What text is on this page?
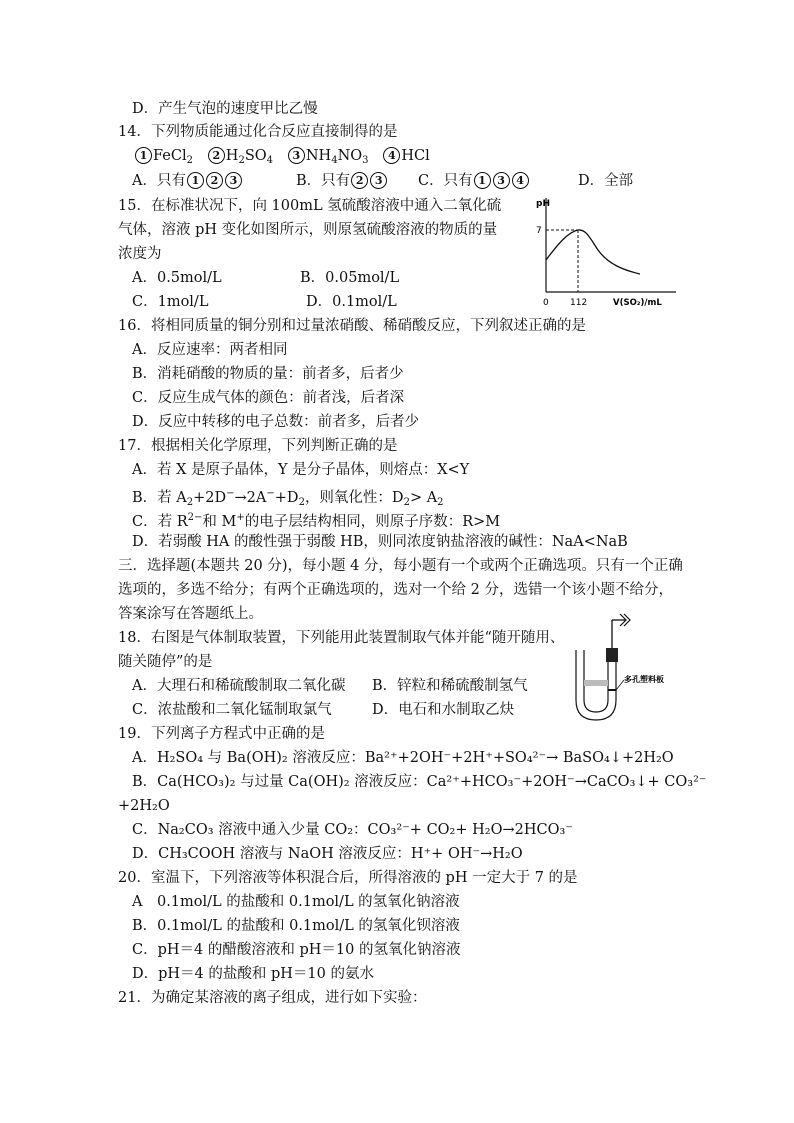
D．产生气泡的速度甲比乙慢
14．下列物质能通过化合反应直接制得的是
1 FeCl$_2$ 2 $H_2SO_4$ 3 $NH_4NO_3$ 4 HCl
A．只有 1 2 3	B．只有 2 3	C．只有 1 3 4	D．全部
15．在标准状况下，向 100mL 氢硫酸溶液中通入二氧化硫
气体，溶液 pH 变化如图所示，则原氢硫酸溶液的物质的量
浓度为
A．0.5mol/L	B．0.05mol/L
C．1mol/L	D．0.1mol/L
pH
7
0 112	V(SO₂)/mL
16．将相同质量的铜分别和过量浓硝酸、稀硝酸反应，下列叙述正确的是
A．反应速率：两者相同
B．消耗硝酸的物质的量：前者多，后者少
C．反应生成气体的颜色：前者浅，后者深
D．反应中转移的电子总数：前者多，后者少
17．根据相关化学原理，下列判断正确的是
A．若 X 是原子晶体，Y 是分子晶体，则熔点：X<Y
B．若 $A_2+2D^-\to 2A^-+D_2$，则氧化性：$D_2> A_2$
C．若 $R^{2-}$和 M+的电子层结构相同，则原子序数：R>M
D．若弱酸 HA 的酸性强于弱酸 HB，则同浓度钠盐溶液的碱性：NaA<NaB
三．选择题(本题共 20 分)，每小题 4 分，每小题有一个或两个正确选项。只有一个正确
选项的，多选不给分；有两个正确选项的，选对一个给 2 分，选错一个该小题不给分，
答案涂写在答题纸上。
18．右图是气体制取装置，下列能用此装置制取气体并能“随开随用、
随关随停”的是
A．大理石和稀硫酸制取二氧化碳 B．锌粒和稀硫酸制氢气
C．浓盐酸和二氧化锰制取氯气	D．电石和水制取乙炔
多孔塑料板
19．下列离子方程式中正确的是
A．H₂SO₄ 与 Ba(OH)₂ 溶液反应：Ba²⁺+2OH⁻+2H⁺+SO₄²⁻→ BaSO₄↓+2H₂O
B．Ca(HCO₃)₂ 与过量 Ca(OH)₂ 溶液反应：Ca²⁺+HCO₃⁻+2OH⁻→CaCO₃↓+ CO₃²⁻
+2H₂O
C．Na₂CO₃ 溶液中通入少量 CO₂：CO₃²⁻+ CO₂+ H₂O→2HCO₃⁻
D．CH₃COOH 溶液与 NaOH 溶液反应：H⁺+ OH⁻→H₂O
20．室温下，下列溶液等体积混合后，所得溶液的 pH 一定大于 7 的是
A　0.1mol/L 的盐酸和 0.1mol/L 的氢氧化钠溶液
B．0.1mol/L 的盐酸和 0.1mol/L 的氢氧化钡溶液
C．pH＝4 的醋酸溶液和 pH＝10 的氢氧化钠溶液
D．pH＝4 的盐酸和 pH＝10 的氨水
21．为确定某溶液的离子组成，进行如下实验：
